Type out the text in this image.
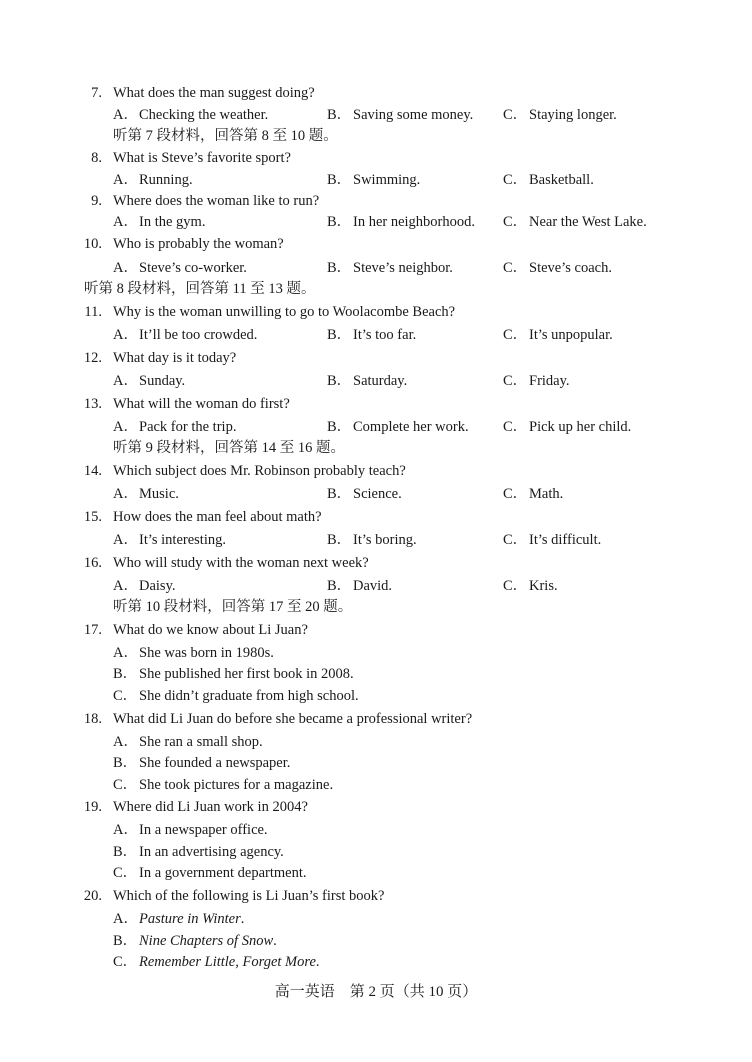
7. What does the man suggest doing?
A．Checking the weather.	B． Saving some money. C． Staying longer.
听第 7 段材料，回答第 8 至 10 题。
8. What is Steve’s favorite sport?
A．Running.	B． Swimming.	C． Basketball.
9. Where does the woman like to run?
A．In the gym.	B． In her neighborhood. C． Near the West Lake.
10. Who is probably the woman?
A．Steve’s co-worker.	B． Steve’s neighbor.	C． Steve’s coach.
听第 8 段材料，回答第 11 至 13 题。
11. Why is the woman unwilling to go to Woolacombe Beach?
A．It’ll be too crowded.	B． It’s too far.	C． It’s unpopular.
12. What day is it today?
A．Sunday.	B． Saturday.	C． Friday.
13. What will the woman do first?
A．Pack for the trip.	B． Complete her work. C． Pick up her child.
听第 9 段材料，回答第 14 至 16 题。
14. Which subject does Mr. Robinson probably teach?
A．Music.	B． Science.	C． Math.
15. How does the man feel about math?
A．It’s interesting.	B． It’s boring.	C． It’s difficult.
16. Who will study with the woman next week?
A．Daisy.	B． David.	C． Kris.
听第 10 段材料，回答第 17 至 20 题。
17. What do we know about Li Juan?
A．She was born in 1980s.
B． She published her first book in 2008.
C． She didn’t graduate from high school.
18. What did Li Juan do before she became a professional writer?
A．She ran a small shop.
B． She founded a newspaper.
C． She took pictures for a magazine.
19. Where did Li Juan work in 2004?
A．In a newspaper office.
B． In an advertising agency.
C． In a government department.
20. Which of the following is Li Juan’s first book?
A．Pasture in Winter.
B． Nine Chapters of Snow.
C． Remember Little, Forget More.
高一英语　第 2 页（共 10 页）
